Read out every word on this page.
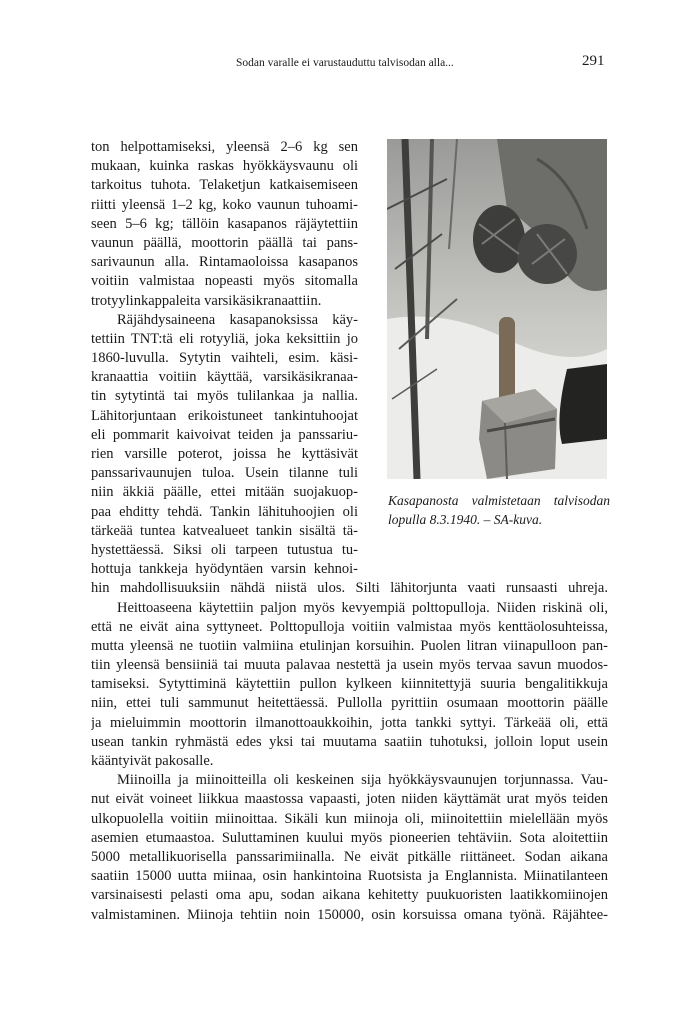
Sodan varalle ei varustauduttu talvisodan alla...	291
Kasapanosta valmistetaan talvisodan
lopulla 8.3.1940. – SA-kuva.
ton helpottamiseksi, yleensä 2–6 kg sen
mukaan, kuinka raskas hyökkäysvaunu oli
tarkoitus tuhota. Telaketjun katkaisemiseen
riitti yleensä 1–2 kg, koko vaunun tuhoami-
seen 5–6 kg; tällöin kasapanos räjäytettiin
vaunun päällä, moottorin päällä tai pans-
sarivaunun alla. Rintamaoloissa kasapanos
voitiin valmistaa nopeasti myös sitomalla
trotyylinkappaleita varsikäsikranaattiin.
Räjähdysaineena kasapanoksissa käy-
tettiin TNT:tä eli rotyyliä, joka keksittiin jo
1860-luvulla. Sytytin vaihteli, esim. käsi-
kranaattia voitiin käyttää, varsikäsikranaa-
tin sytytintä tai myös tulilankaa ja nallia.
Lähitorjuntaan erikoistuneet tankintuhoojat
eli pommarit kaivoivat teiden ja panssariu-
rien varsille poterot, joissa he kyttäsivät
panssarivaunujen tuloa. Usein tilanne tuli
niin äkkiä päälle, ettei mitään suojakuop-
paa ehditty tehdä. Tankin lähituhoojien oli
tärkeää tuntea katvealueet tankin sisältä tä-
hystettäessä. Siksi oli tarpeen tutustua tu-
hottuja tankkeja hyödyntäen varsin kehnoi-
hin mahdollisuuksiin nähdä niistä ulos. Silti lähitorjunta vaati runsaasti uhreja.
Heittoaseena käytettiin paljon myös kevyempiä polttopulloja. Niiden riskinä oli,
että ne eivät aina syttyneet. Polttopulloja voitiin valmistaa myös kenttäolosuhteissa,
mutta yleensä ne tuotiin valmiina etulinjan korsuihin. Puolen litran viinapulloon pan-
tiin yleensä bensiiniä tai muuta palavaa nestettä ja usein myös tervaa savun muodos-
tamiseksi. Sytyttiminä käytettiin pullon kylkeen kiinnitettyjä suuria bengalitikkuja
niin, ettei tuli sammunut heitettäessä. Pullolla pyrittiin osumaan moottorin päälle
ja mieluimmin moottorin ilmanottoaukkoihin, jotta tankki syttyi. Tärkeää oli, että
usean tankin ryhmästä edes yksi tai muutama saatiin tuhotuksi, jolloin loput usein
kääntyivät pakosalle.
Miinoilla ja miinoitteilla oli keskeinen sija hyökkäysvaunujen torjunnassa. Vau-
nut eivät voineet liikkua maastossa vapaasti, joten niiden käyttämät urat myös teiden
ulkopuolella voitiin miinoittaa. Sikäli kun miinoja oli, miinoitettiin mielellään myös
asemien etumaastoa. Suluttaminen kuului myös pioneerien tehtäviin. Sota aloitettiin
5000 metallikuorisella panssarimiinalla. Ne eivät pitkälle riittäneet. Sodan aikana
saatiin 15000 uutta miinaa, osin hankintoina Ruotsista ja Englannista. Miinatilanteen
varsinaisesti pelasti oma apu, sodan aikana kehitetty puukuoristen laatikkomiinojen
valmistaminen. Miinoja tehtiin noin 150000, osin korsuissa omana työnä. Räjähtee-
